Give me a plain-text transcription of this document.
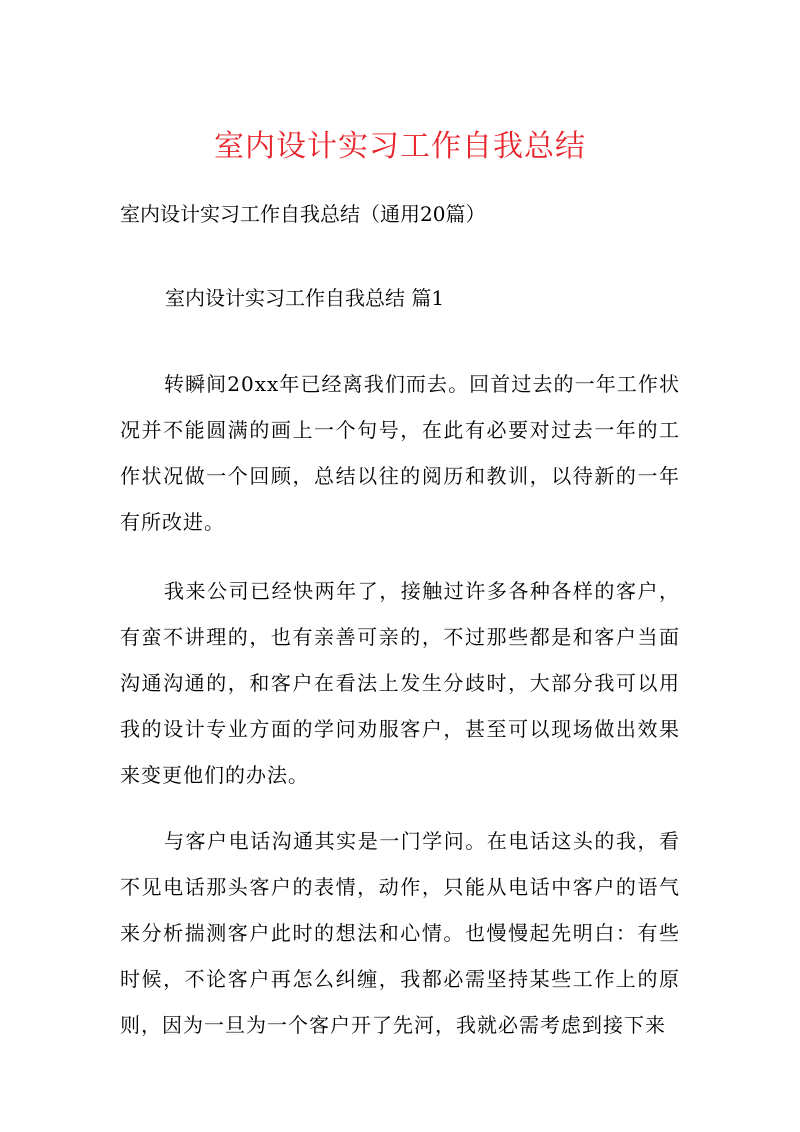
室内设计实习工作自我总结
室内设计实习工作自我总结（通用20篇）
室内设计实习工作自我总结 篇1

转瞬间20xx年已经离我们而去。回首过去的一年工作状况并不能圆满的画上一个句号，在此有必要对过去一年的工作状况做一个回顾，总结以往的阅历和教训，以待新的一年有所改进。

我来公司已经快两年了，接触过许多各种各样的客户，有蛮不讲理的，也有亲善可亲的，不过那些都是和客户当面沟通沟通的，和客户在看法上发生分歧时，大部分我可以用我的设计专业方面的学问劝服客户，甚至可以现场做出效果来变更他们的办法。

与客户电话沟通其实是一门学问。在电话这头的我，看不见电话那头客户的表情，动作，只能从电话中客户的语气来分析揣测客户此时的想法和心情。也慢慢起先明白：有些时候，不论客户再怎么纠缠，我都必需坚持某些工作上的原则，因为一旦为一个客户开了先河，我就必需考虑到接下来
